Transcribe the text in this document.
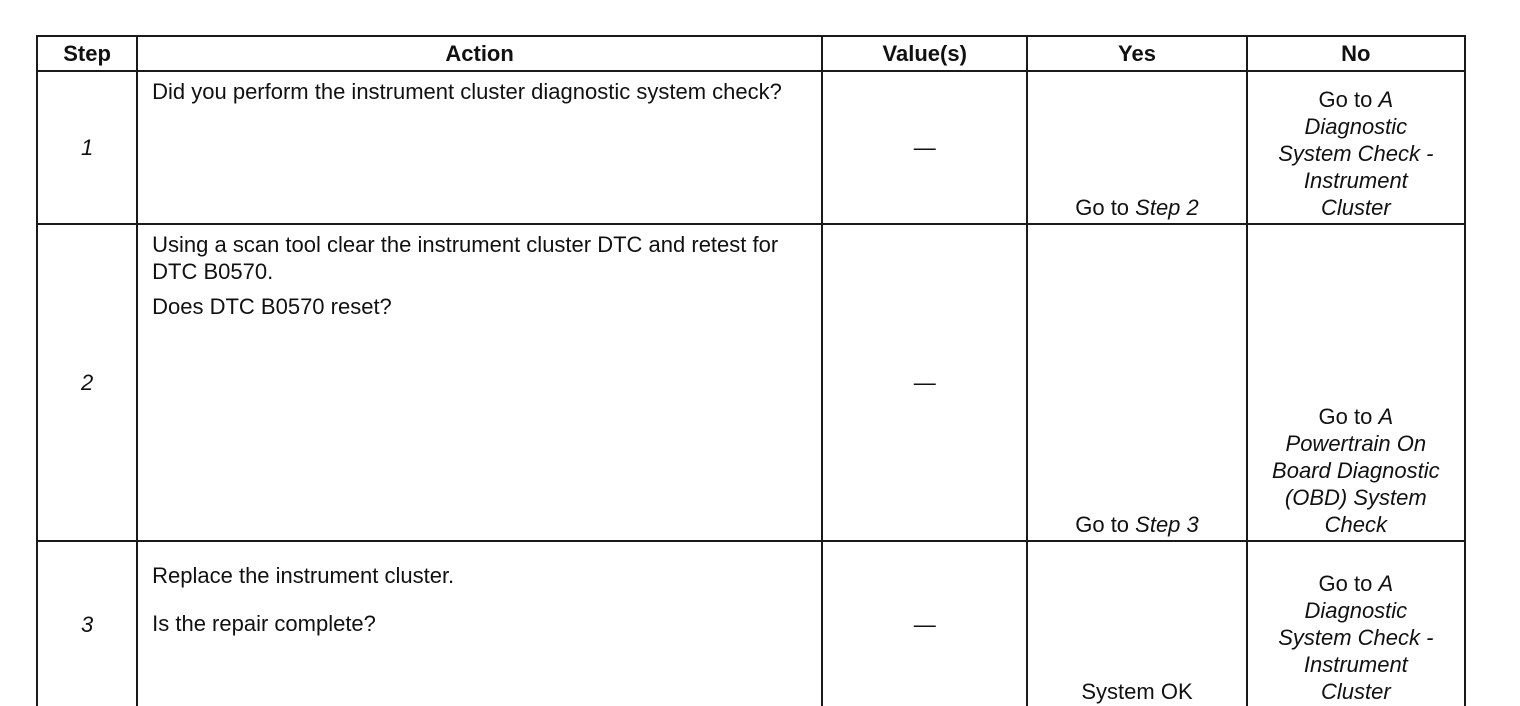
Step	Action	Value(s)	Yes	No
1	Did you perform the instrument cluster diagnostic system check?	—	Go to Step 2	Go to A
Diagnostic
System Check -
Instrument
Cluster

2	Using a scan tool clear the instrument cluster DTC and retest for DTC B0570.
Does DTC B0570 reset?	—	Go to Step 3	Go to A
Powertrain On
Board Diagnostic
(OBD) System
Check

3	Replace the instrument cluster.
Is the repair complete?	—	System OK	Go to A
Diagnostic
System Check -
Instrument
Cluster
